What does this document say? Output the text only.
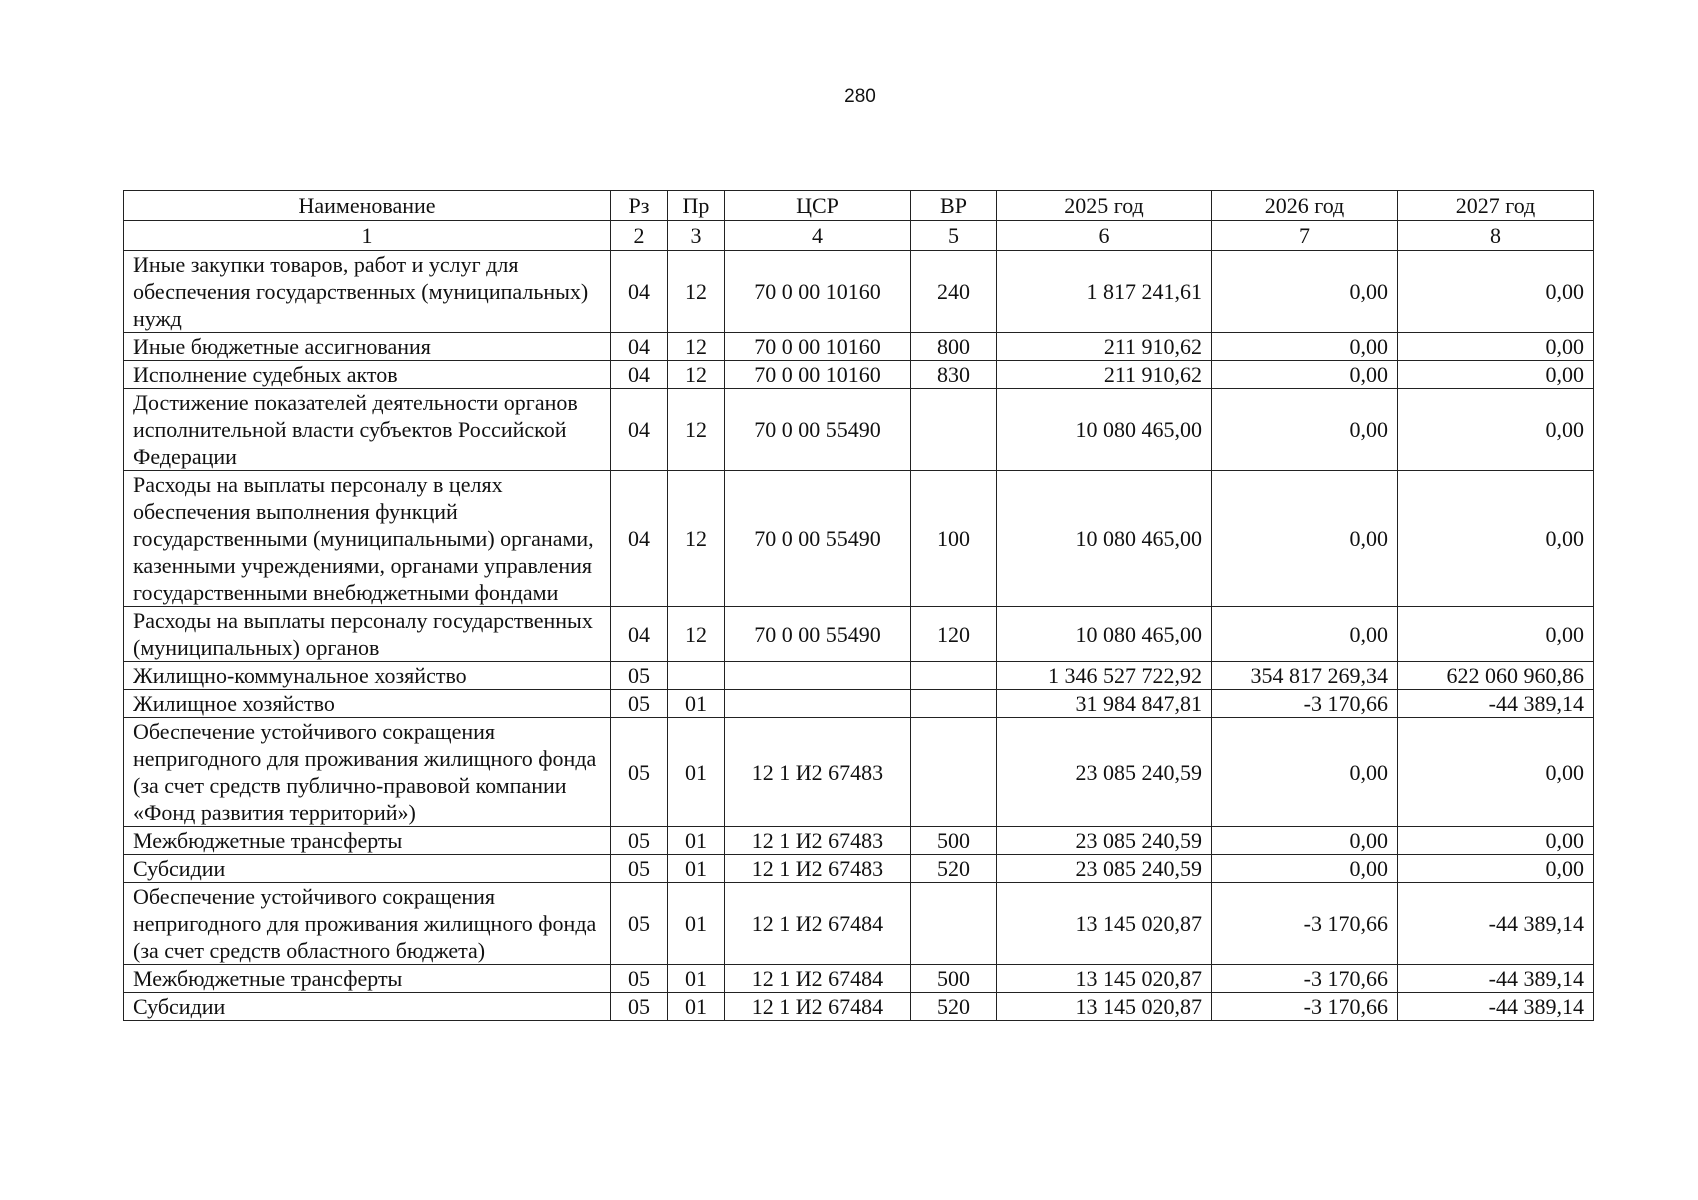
280
Наименование	Рз	Пр	ЦСР	ВР	2025 год	2026 год	2027 год
1	2	3	4	5	6	7	8
Иные закупки товаров, работ и услуг для обеспечения государственных (муниципальных) нужд	04	12	70 0 00 10160	240	1 817 241,61	0,00	0,00
Иные бюджетные ассигнования	04	12	70 0 00 10160	800	211 910,62	0,00	0,00
Исполнение судебных актов	04	12	70 0 00 10160	830	211 910,62	0,00	0,00
Достижение показателей деятельности органов исполнительной власти субъектов Российской Федерации	04	12	70 0 00 55490		10 080 465,00	0,00	0,00
Расходы на выплаты персоналу в целях обеспечения выполнения функций государственными (муниципальными) органами, казенными учреждениями, органами управления государственными внебюджетными фондами	04	12	70 0 00 55490	100	10 080 465,00	0,00	0,00
Расходы на выплаты персоналу государственных (муниципальных) органов	04	12	70 0 00 55490	120	10 080 465,00	0,00	0,00
Жилищно-коммунальное хозяйство	05				1 346 527 722,92	354 817 269,34	622 060 960,86
Жилищное хозяйство	05	01			31 984 847,81	-3 170,66	-44 389,14
Обеспечение устойчивого сокращения непригодного для проживания жилищного фонда (за счет средств публично-правовой компании «Фонд развития территорий»)	05	01	12 1 И2 67483		23 085 240,59	0,00	0,00
Межбюджетные трансферты	05	01	12 1 И2 67483	500	23 085 240,59	0,00	0,00
Субсидии	05	01	12 1 И2 67483	520	23 085 240,59	0,00	0,00
Обеспечение устойчивого сокращения непригодного для проживания жилищного фонда (за счет средств областного бюджета)	05	01	12 1 И2 67484		13 145 020,87	-3 170,66	-44 389,14
Межбюджетные трансферты	05	01	12 1 И2 67484	500	13 145 020,87	-3 170,66	-44 389,14
Субсидии	05	01	12 1 И2 67484	520	13 145 020,87	-3 170,66	-44 389,14
